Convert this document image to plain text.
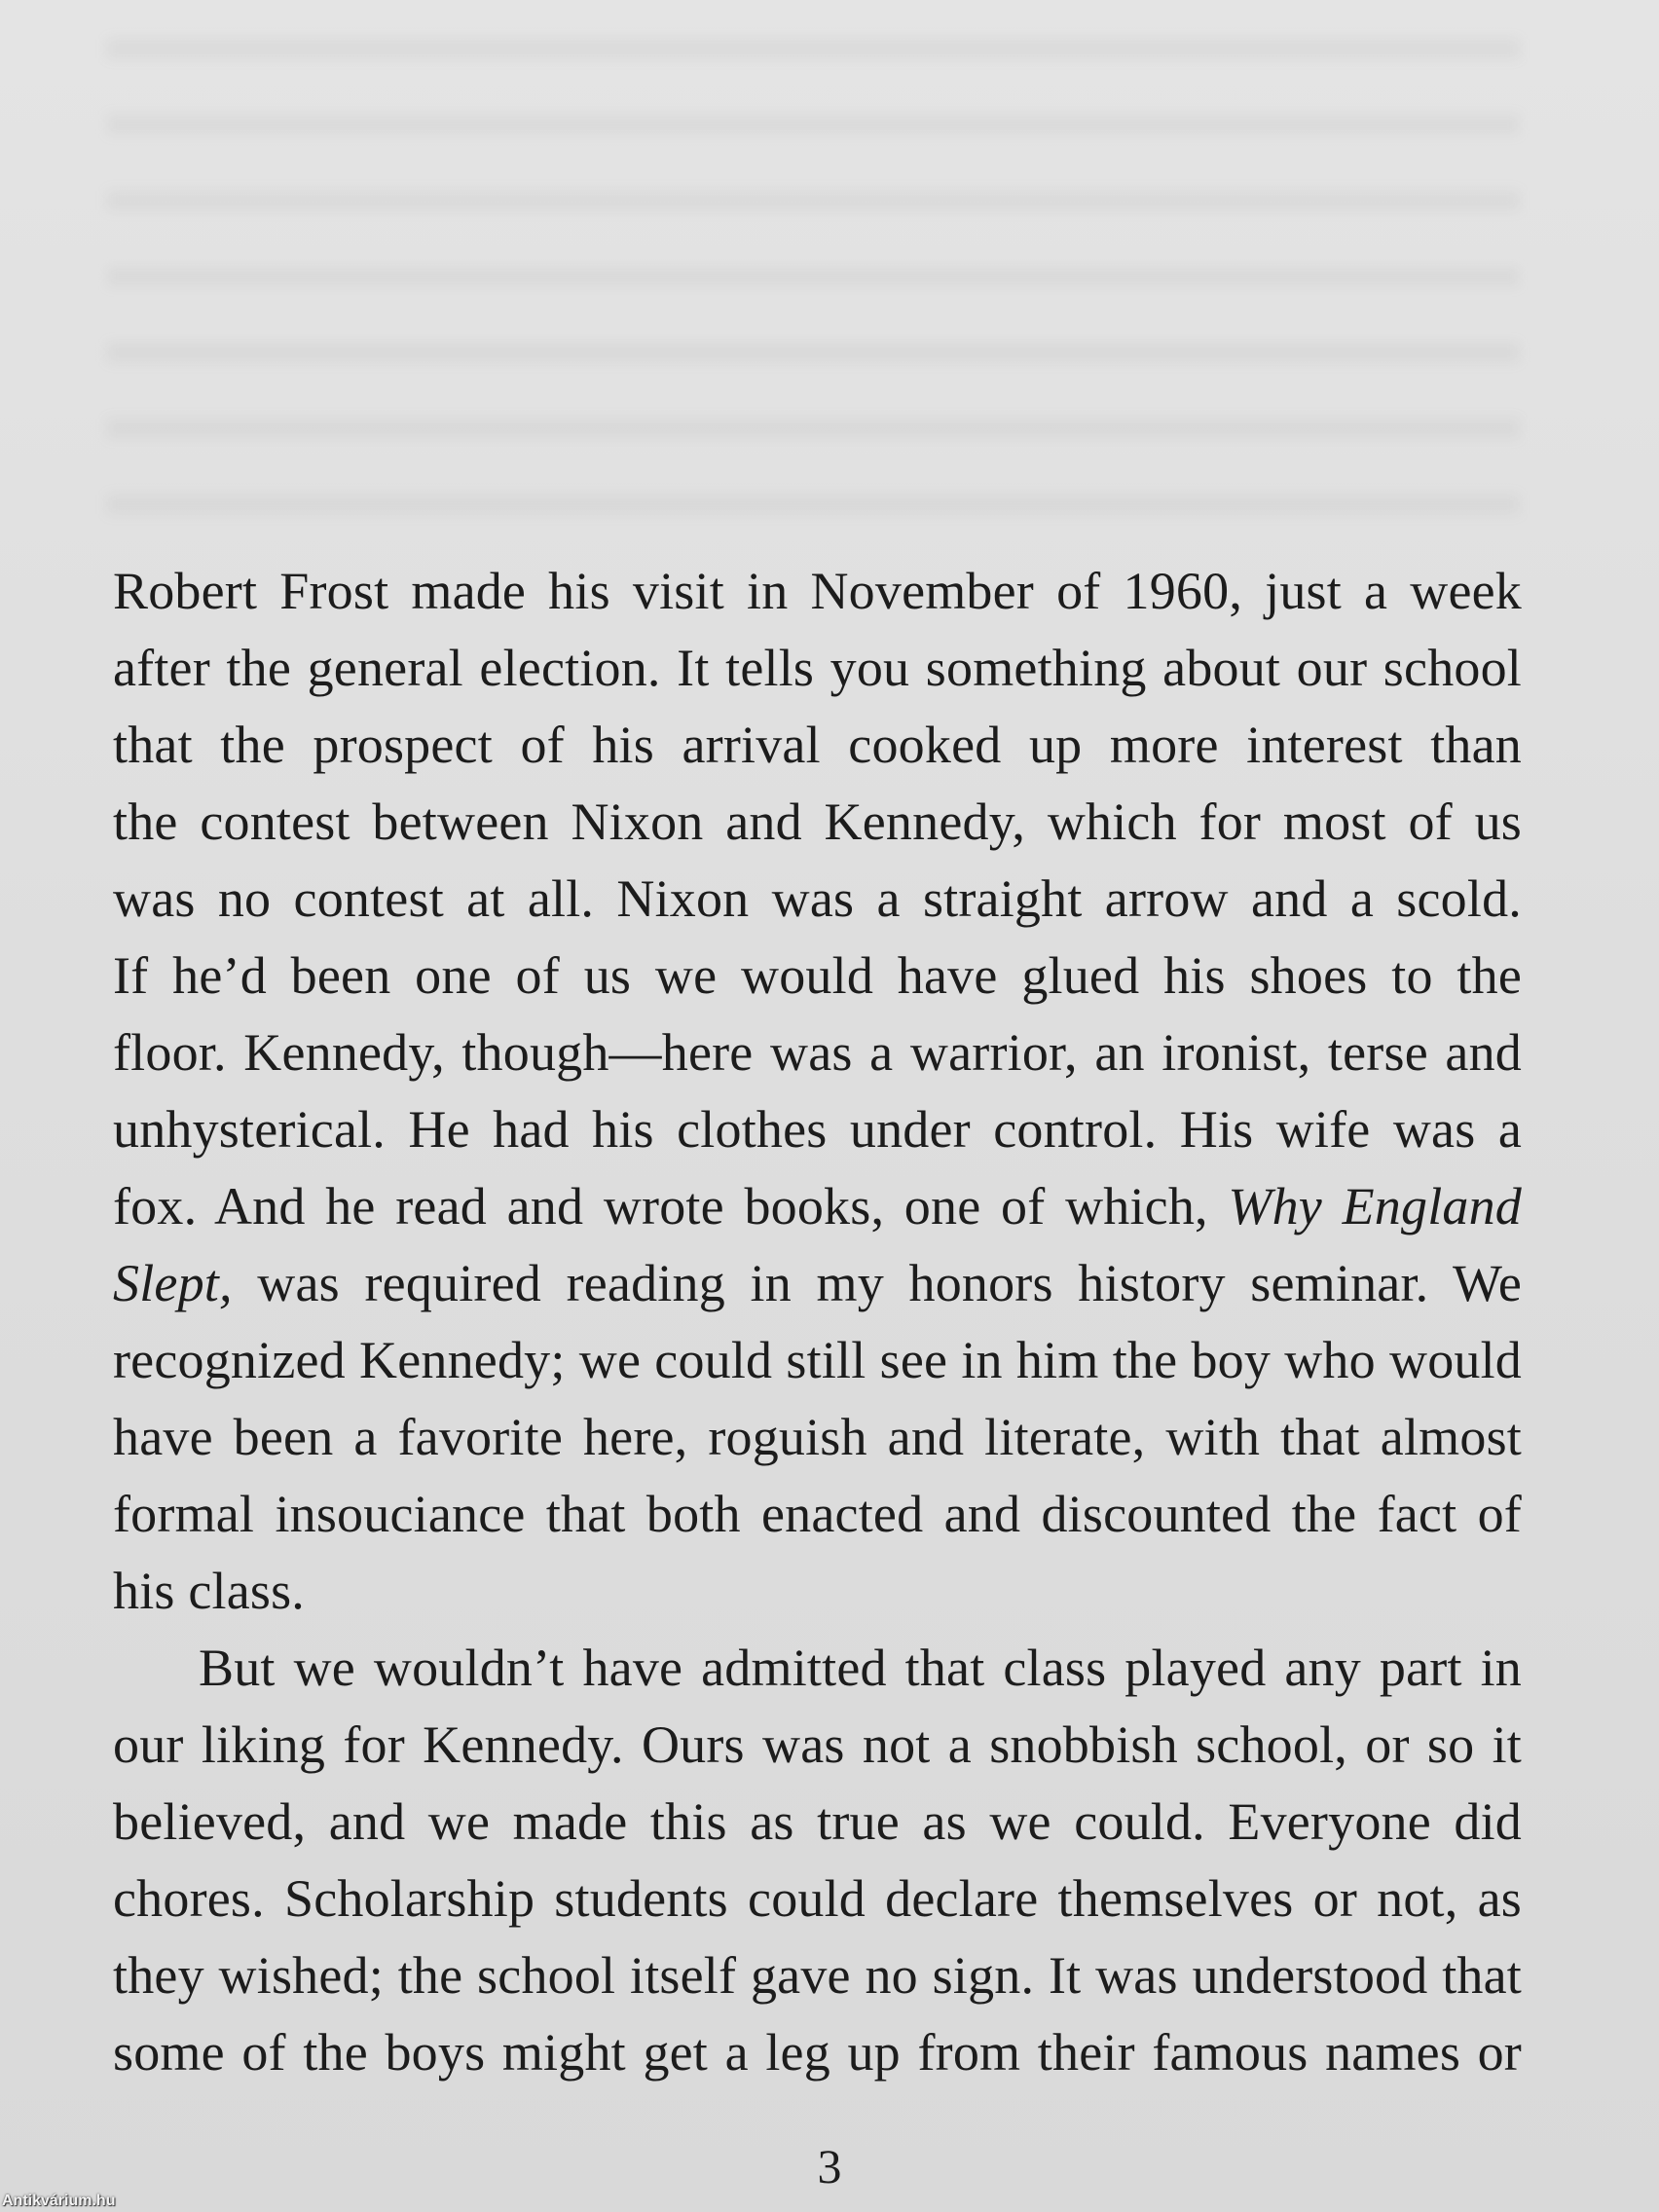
Robert Frost made his visit in November of 1960, just a week
after the general election. It tells you something about our school
that the prospect of his arrival cooked up more interest than
the contest between Nixon and Kennedy, which for most of us
was no contest at all. Nixon was a straight arrow and a scold.
If he’d been one of us we would have glued his shoes to the
floor. Kennedy, though—here was a warrior, an ironist, terse and
unhysterical. He had his clothes under control. His wife was a
fox. And he read and wrote books, one of which, Why England
Slept, was required reading in my honors history seminar. We
recognized Kennedy; we could still see in him the boy who would
have been a favorite here, roguish and literate, with that almost
formal insouciance that both enacted and discounted the fact of
his class.
But we wouldn’t have admitted that class played any part in
our liking for Kennedy. Ours was not a snobbish school, or so it
believed, and we made this as true as we could. Everyone did
chores. Scholarship students could declare themselves or not, as
they wished; the school itself gave no sign. It was understood that
some of the boys might get a leg up from their famous names or
3
Antikvárium.hu
